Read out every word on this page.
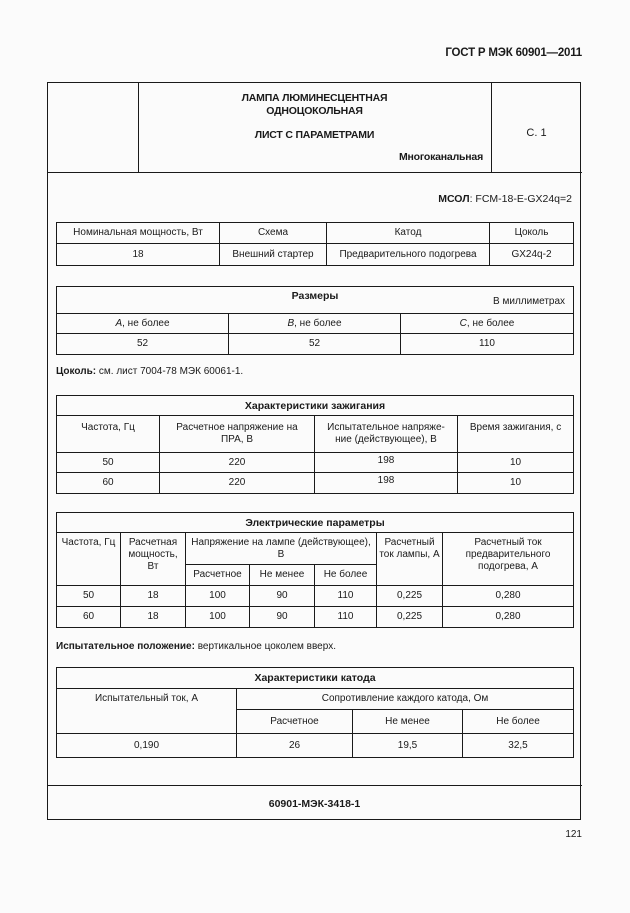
ГОСТ Р МЭК 60901—2011
ЛАМПА ЛЮМИНЕСЦЕНТНАЯ
ОДНОЦОКОЛЬНАЯ
ЛИСТ С ПАРАМЕТРАМИ
Многоканальная
С. 1
МСОЛ: FCM-18-E-GX24q=2
Номинальная мощность, Вт	Схема	Катод	Цоколь
18	Внешний стартер	Предварительного подогрева	GX24q-2
Размеры В миллиметрах		

A, не более	B, не более	C, не более
52	52	110
Цоколь: см. лист 7004-78 МЭК 60061-1.
Характеристики зажигания			
Частота, Гц	Расчетное напряжение на ПРА, В	Испытательное напряже-ние (действующее), В	Время зажигания, с
50	220	198	10
60	220	198	10
Электрические параметры						
Частота, Гц	Расчетная мощность, Вт	Напряжение на лампе (действующее), В			Расчетный ток лампы, А	Расчетный ток предварительного подогрева, А
		Расчетное	Не менее	Не более		
50	18	100	90	110	0,225	0,280
60	18	100	90	110	0,225	0,280
Испытательное положение: вертикальное цоколем вверх.
Характеристики катода			
Испытательный ток, А	Сопротивление каждого катода, Ом		
	Расчетное	Не менее	Не более
0,190	26	19,5	32,5
60901-МЭК-3418-1
121
